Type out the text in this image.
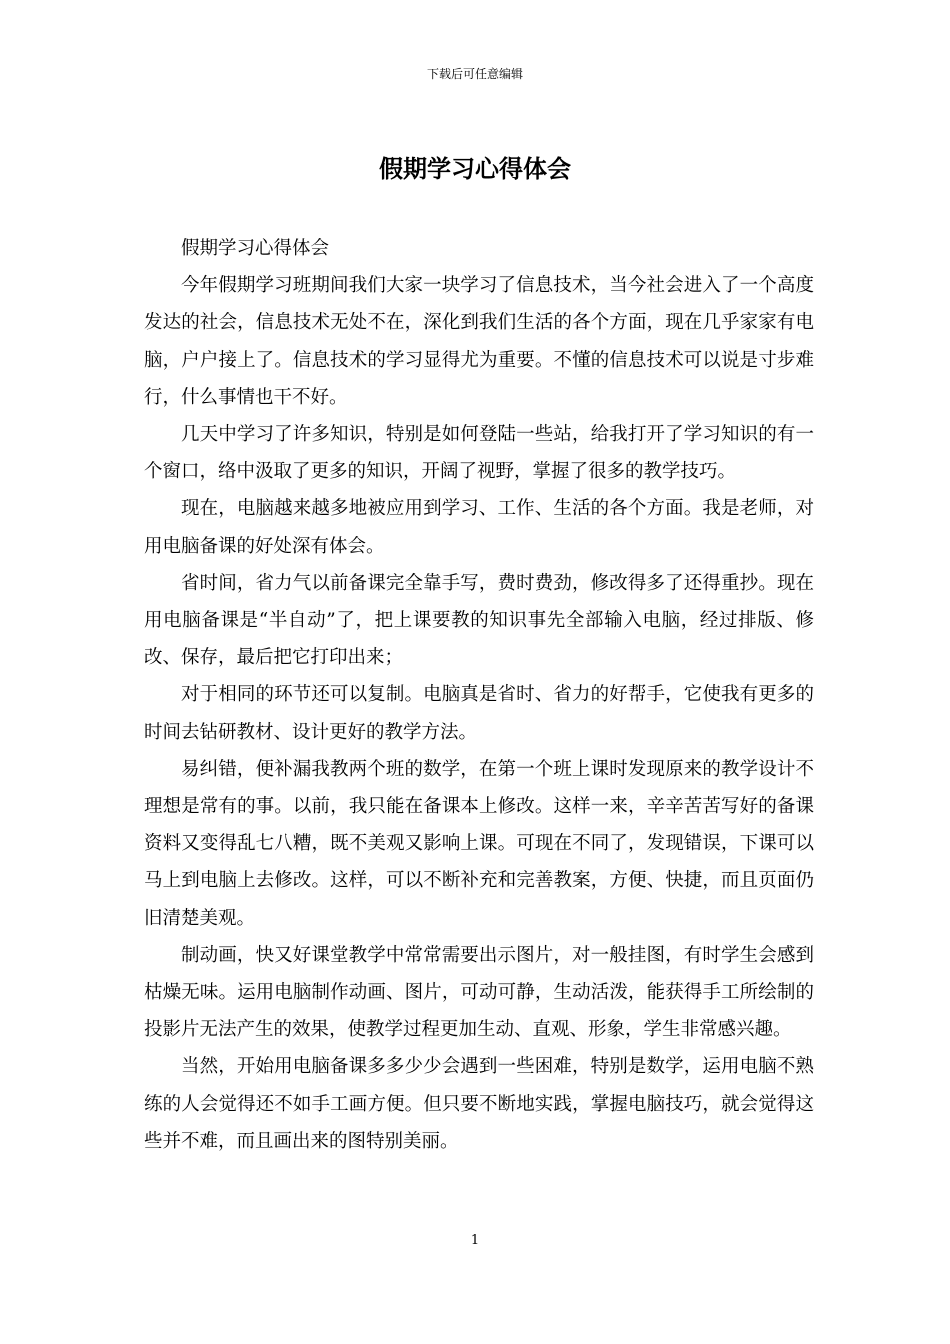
下载后可任意编辑
假期学习心得体会

假期学习心得体会

今年假期学习班期间我们大家一块学习了信息技术，当今社会进入了一个高度发达的社会，信息技术无处不在，深化到我们生活的各个方面，现在几乎家家有电脑，户户接上了。信息技术的学习显得尤为重要。不懂的信息技术可以说是寸步难行，什么事情也干不好。

几天中学习了许多知识，特别是如何登陆一些站，给我打开了学习知识的有一个窗口，络中汲取了更多的知识，开阔了视野，掌握了很多的教学技巧。

现在，电脑越来越多地被应用到学习、工作、生活的各个方面。我是老师，对用电脑备课的好处深有体会。

省时间，省力气以前备课完全靠手写，费时费劲，修改得多了还得重抄。现在用电脑备课是“半自动”了，把上课要教的知识事先全部输入电脑，经过排版、修改、保存，最后把它打印出来；

对于相同的环节还可以复制。电脑真是省时、省力的好帮手，它使我有更多的时间去钻研教材、设计更好的教学方法。

易纠错，便补漏我教两个班的数学，在第一个班上课时发现原来的教学设计不理想是常有的事。以前，我只能在备课本上修改。这样一来，辛辛苦苦写好的备课资料又变得乱七八糟，既不美观又影响上课。可现在不同了，发现错误，下课可以马上到电脑上去修改。这样，可以不断补充和完善教案，方便、快捷，而且页面仍旧清楚美观。

制动画，快又好课堂教学中常常需要出示图片，对一般挂图，有时学生会感到枯燥无味。运用电脑制作动画、图片，可动可静，生动活泼，能获得手工所绘制的投影片无法产生的效果，使教学过程更加生动、直观、形象，学生非常感兴趣。

当然，开始用电脑备课多多少少会遇到一些困难，特别是数学，运用电脑不熟练的人会觉得还不如手工画方便。但只要不断地实践，掌握电脑技巧，就会觉得这些并不难，而且画出来的图特别美丽。

1
